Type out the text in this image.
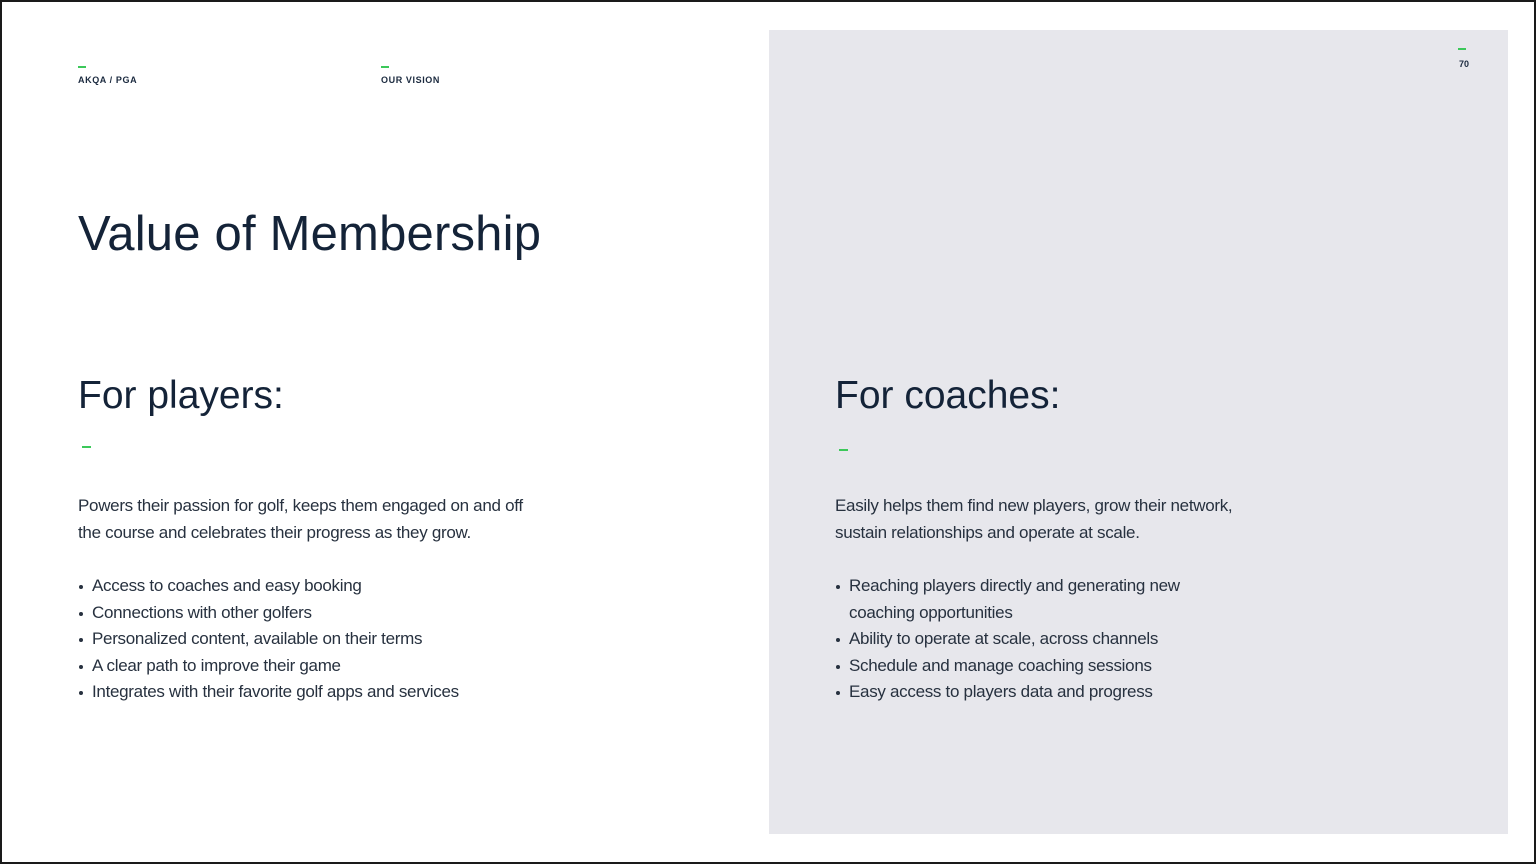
AKQA / PGA	OUR VISION
70
Value of Membership
For players:

Powers their passion for golf, keeps them engaged on and off the course and celebrates their progress as they grow.

Access to coaches and easy booking
Connections with other golfers
Personalized content, available on their terms
A clear path to improve their game
Integrates with their favorite golf apps and services
For coaches:

Easily helps them find new players, grow their network, sustain relationships and operate at scale.

Reaching players directly and generating new coaching opportunities
Ability to operate at scale, across channels
Schedule and manage coaching sessions
Easy access to players data and progress
